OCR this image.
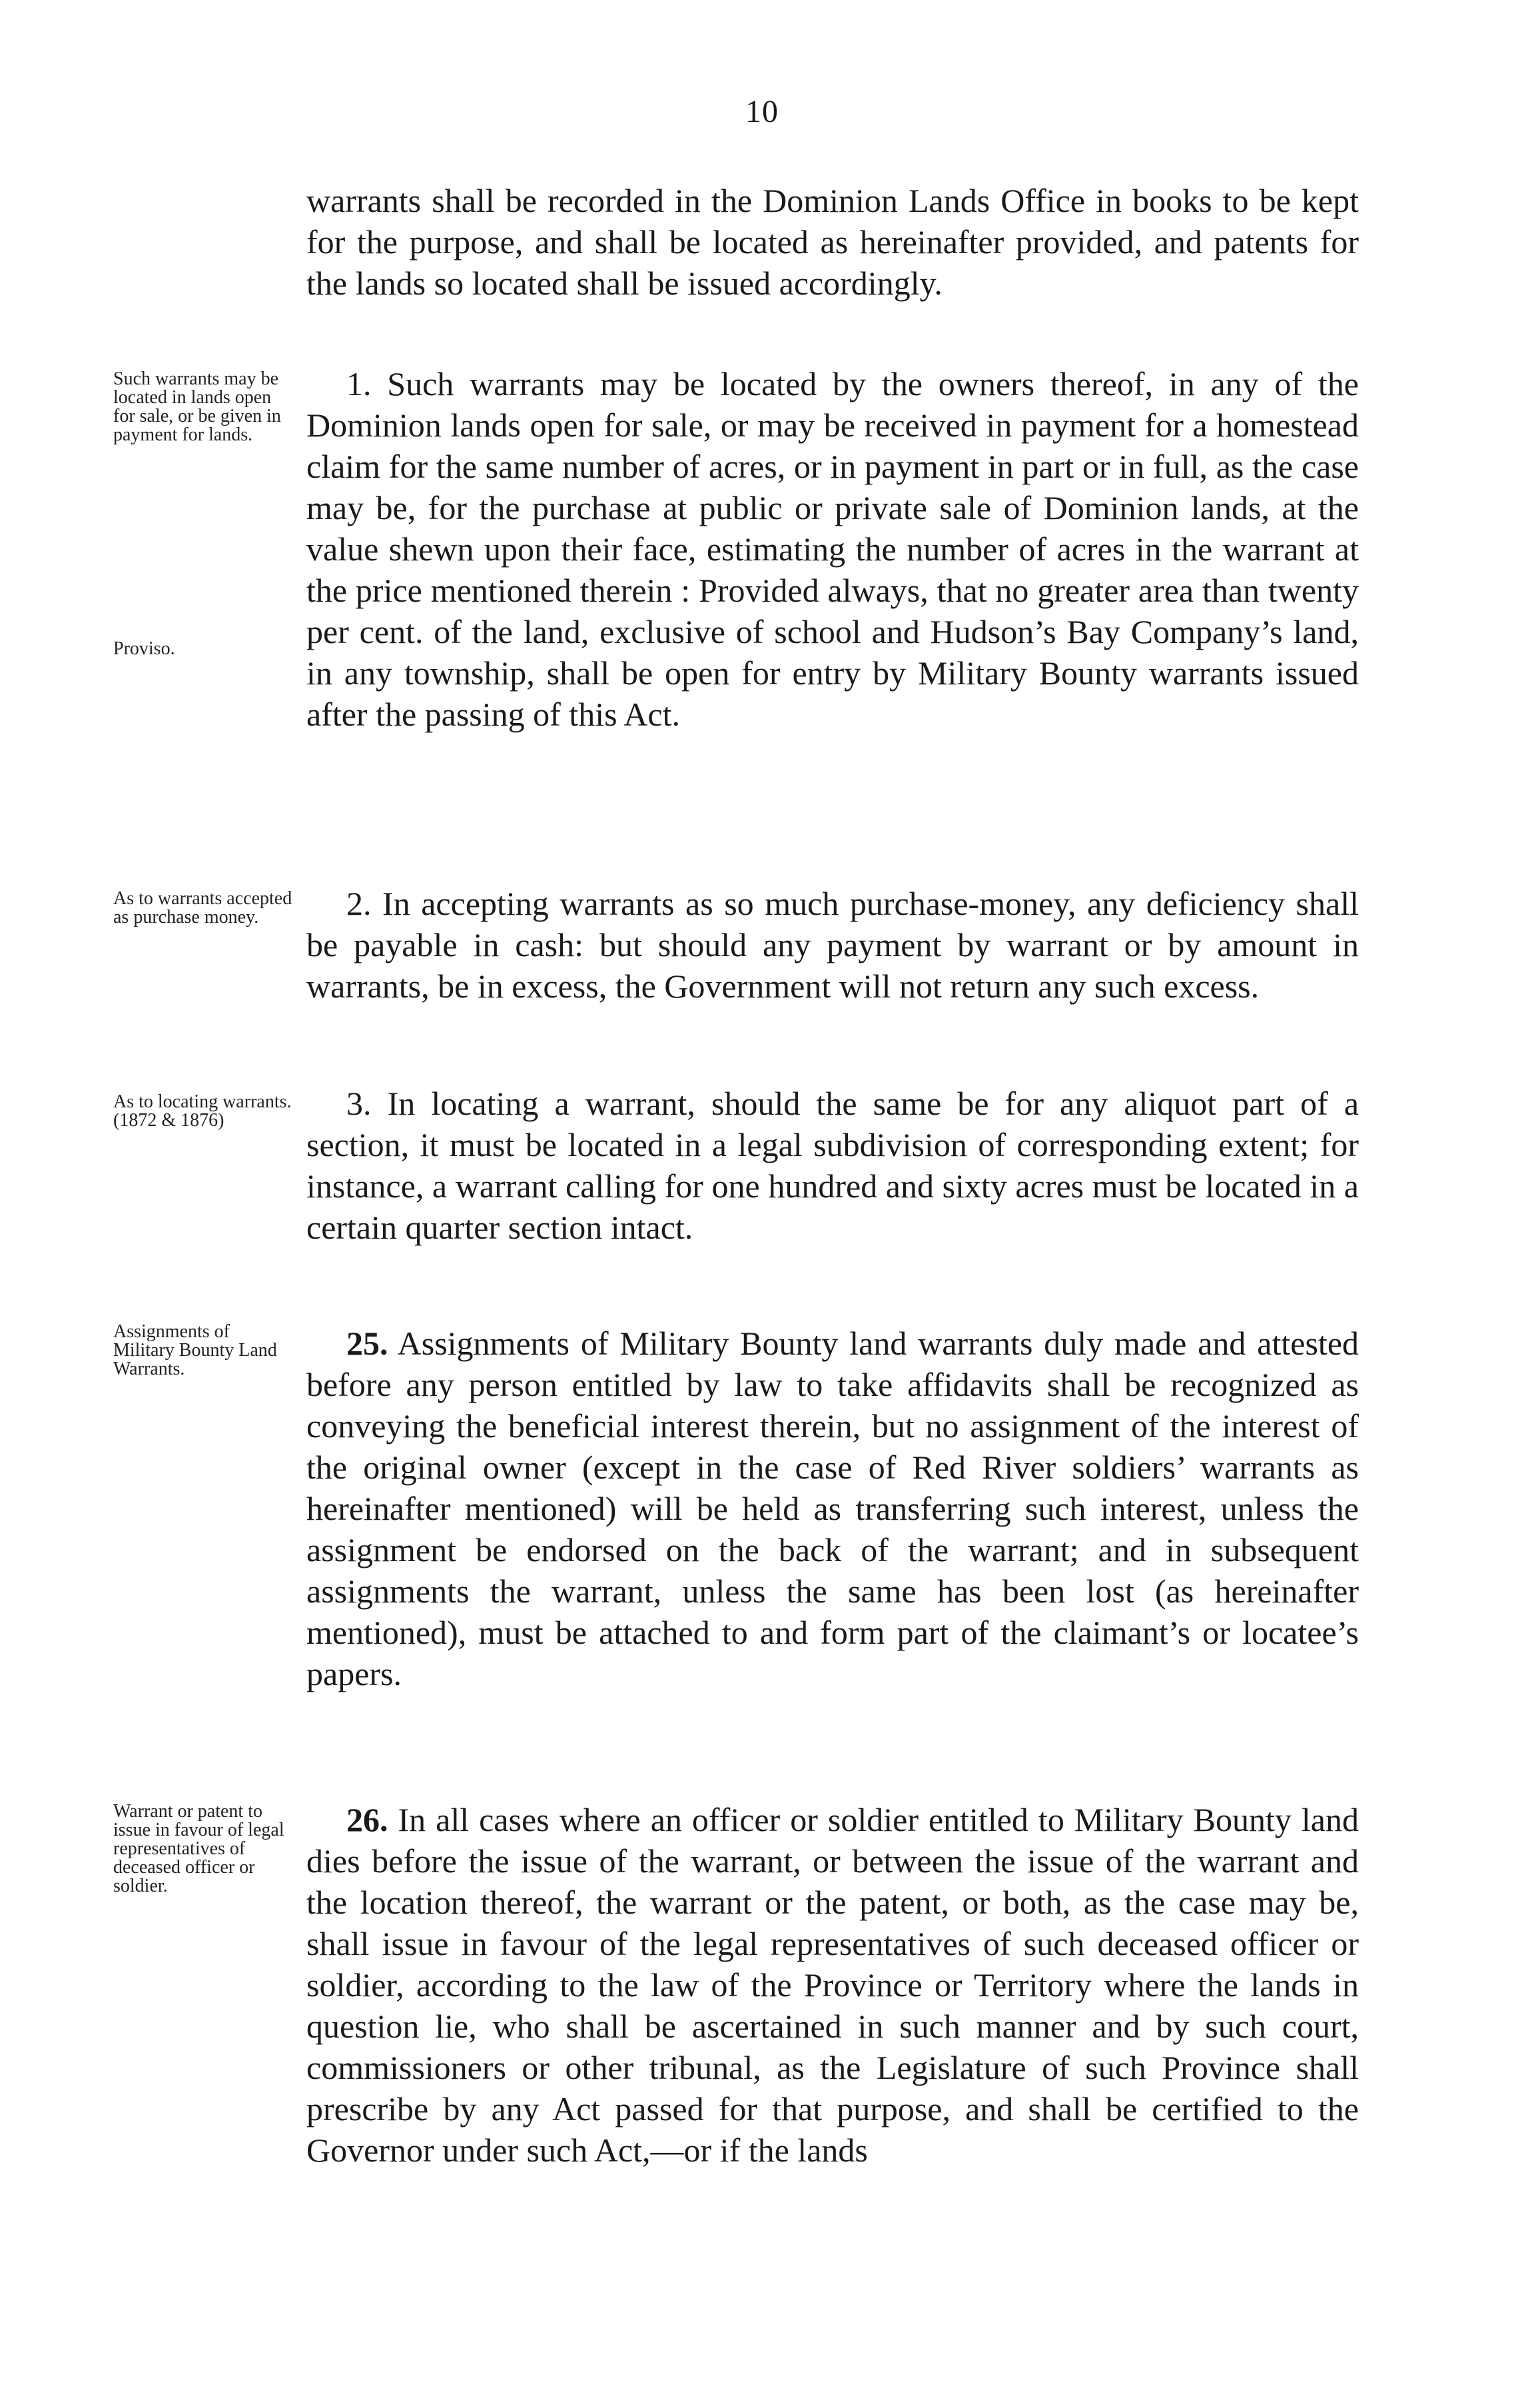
10

warrants shall be recorded in the Dominion Lands Office in books to be kept for the purpose, and shall be located as hereinafter provided, and patents for the lands so located shall be issued accordingly.

Such warrants may be located in lands open for sale, or be given in payment for lands.
Proviso.

1. Such warrants may be located by the owners thereof, in any of the Dominion lands open for sale, or may be received in payment for a homestead claim for the same number of acres, or in payment in part or in full, as the case may be, for the purchase at public or private sale of Dominion lands, at the value shewn upon their face, estimating the number of acres in the warrant at the price mentioned therein : Provided always, that no greater area than twenty per cent. of the land, exclusive of school and Hudson’s Bay Company’s land, in any township, shall be open for entry by Military Bounty warrants issued after the passing of this Act.

As to warrants accepted as purchase money.	2. In accepting warrants as so much purchase-money, any deficiency shall be payable in cash: but should any payment by warrant or by amount in warrants, be in excess, the Government will not return any such excess.

As to locating warrants. (1872 & 1876)	3. In locating a warrant, should the same be for any aliquot part of a section, it must be located in a legal subdivision of corresponding extent; for instance, a warrant calling for one hundred and sixty acres must be located in a certain quarter section intact.

Assignments of Military Bounty Land Warrants.

25. Assignments of Military Bounty land warrants duly made and attested before any person entitled by law to take affidavits shall be recognized as conveying the beneficial interest therein, but no assignment of the interest of the original owner (except in the case of Red River soldiers’ warrants as hereinafter mentioned) will be held as transferring such interest, unless the assignment be endorsed on the back of the warrant; and in subsequent assignments the warrant, unless the same has been lost (as hereinafter mentioned), must be attached to and form part of the claimant’s or locatee’s papers.

Warrant or patent to issue in favour of legal representatives of deceased officer or soldier.

26. In all cases where an officer or soldier entitled to Military Bounty land dies before the issue of the warrant, or between the issue of the warrant and the location thereof, the warrant or the patent, or both, as the case may be, shall issue in favour of the legal representatives of such deceased officer or soldier, according to the law of the Province or Territory where the lands in question lie, who shall be ascertained in such manner and by such court, commissioners or other tribunal, as the Legislature of such Province shall prescribe by any Act passed for that purpose, and shall be certified to the Governor under such Act,—or if the lands
